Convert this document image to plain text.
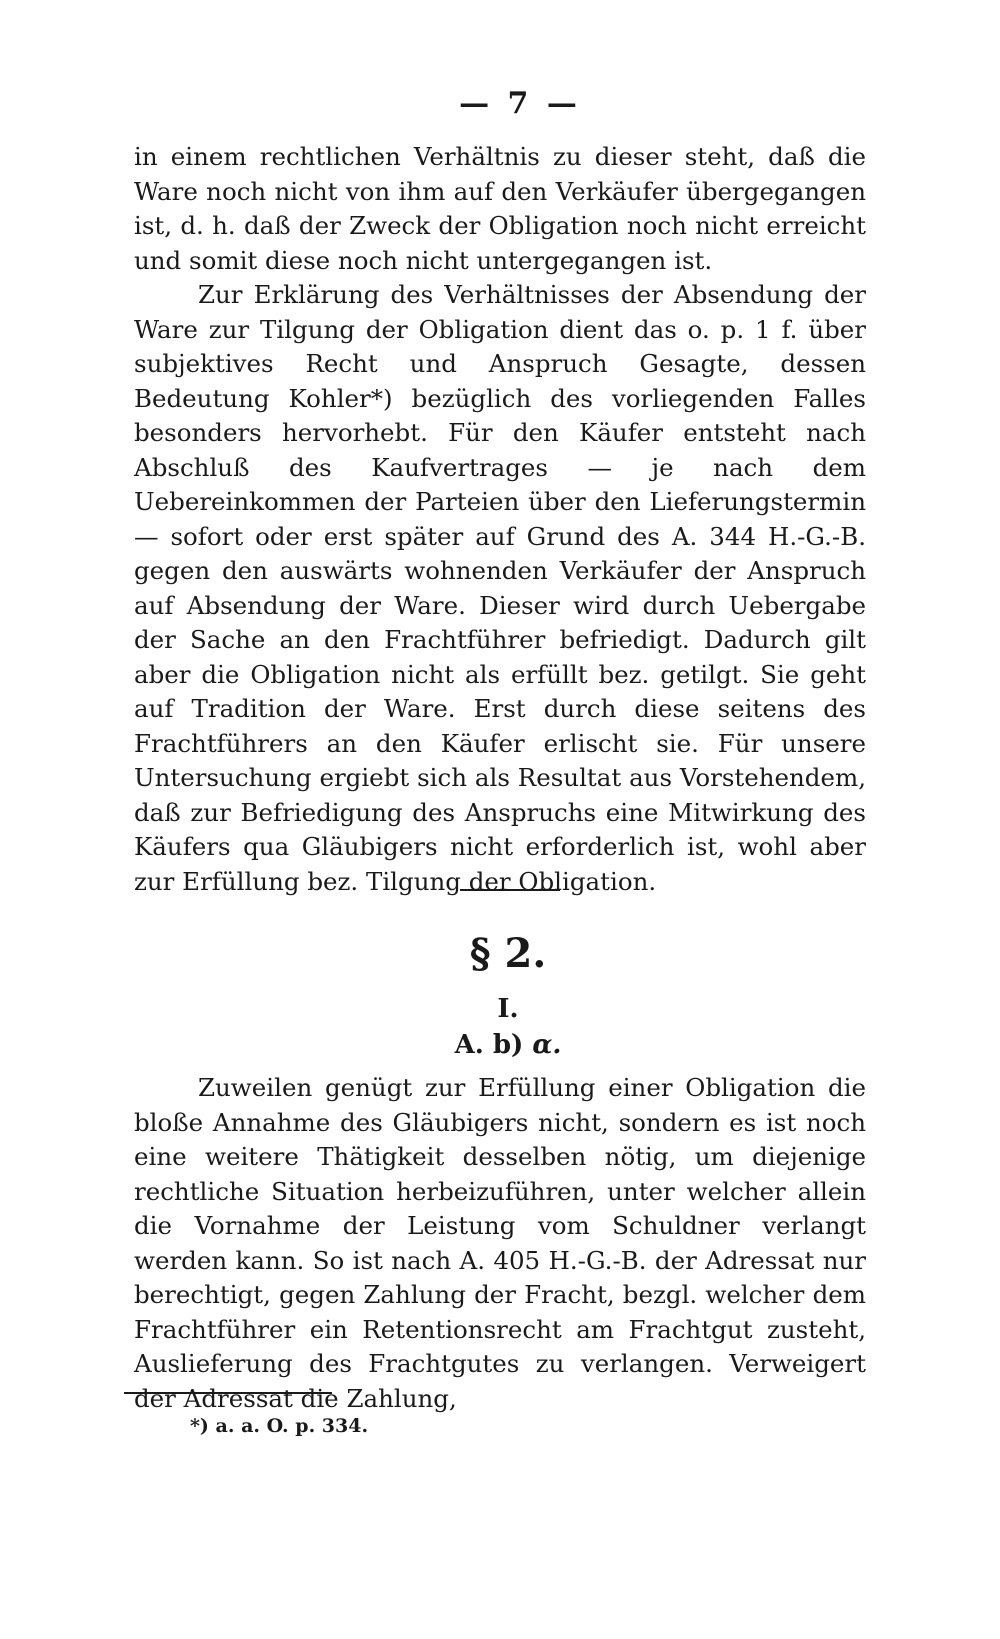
— 7 —

in einem rechtlichen Verhältnis zu dieser steht, daß die Ware noch nicht von ihm auf den Verkäufer übergegangen ist, d. h. daß der Zweck der Obligation noch nicht erreicht und somit diese noch nicht untergegangen ist.

Zur Erklärung des Verhältnisses der Absendung der Ware zur Tilgung der Obligation dient das o. p. 1 f. über subjektives Recht und Anspruch Gesagte, dessen Bedeutung Kohler*) bezüglich des vorliegenden Falles besonders hervorhebt. Für den Käufer entsteht nach Abschluß des Kaufvertrages — je nach dem Uebereinkommen der Parteien über den Lieferungstermin — sofort oder erst später auf Grund des A. 344 H.-G.-B. gegen den auswärts wohnenden Verkäufer der Anspruch auf Absendung der Ware. Dieser wird durch Uebergabe der Sache an den Frachtführer befriedigt. Dadurch gilt aber die Obligation nicht als erfüllt bez. getilgt. Sie geht auf Tradition der Ware. Erst durch diese seitens des Frachtführers an den Käufer erlischt sie. Für unsere Untersuchung ergiebt sich als Resultat aus Vorstehendem, daß zur Befriedigung des Anspruchs eine Mitwirkung des Käufers qua Gläubigers nicht erforderlich ist, wohl aber zur Erfüllung bez. Tilgung der Obligation.

§ 2.
I.
A. b) α.

Zuweilen genügt zur Erfüllung einer Obligation die bloße Annahme des Gläubigers nicht, sondern es ist noch eine weitere Thätigkeit desselben nötig, um diejenige rechtliche Situation herbeizuführen, unter welcher allein die Vornahme der Leistung vom Schuldner verlangt werden kann. So ist nach A. 405 H.-G.-B. der Adressat nur berechtigt, gegen Zahlung der Fracht, bezgl. welcher dem Frachtführer ein Retentionsrecht am Frachtgut zusteht, Auslieferung des Frachtgutes zu verlangen. Verweigert der Adressat die Zahlung,

*) a. a. O. p. 334.
